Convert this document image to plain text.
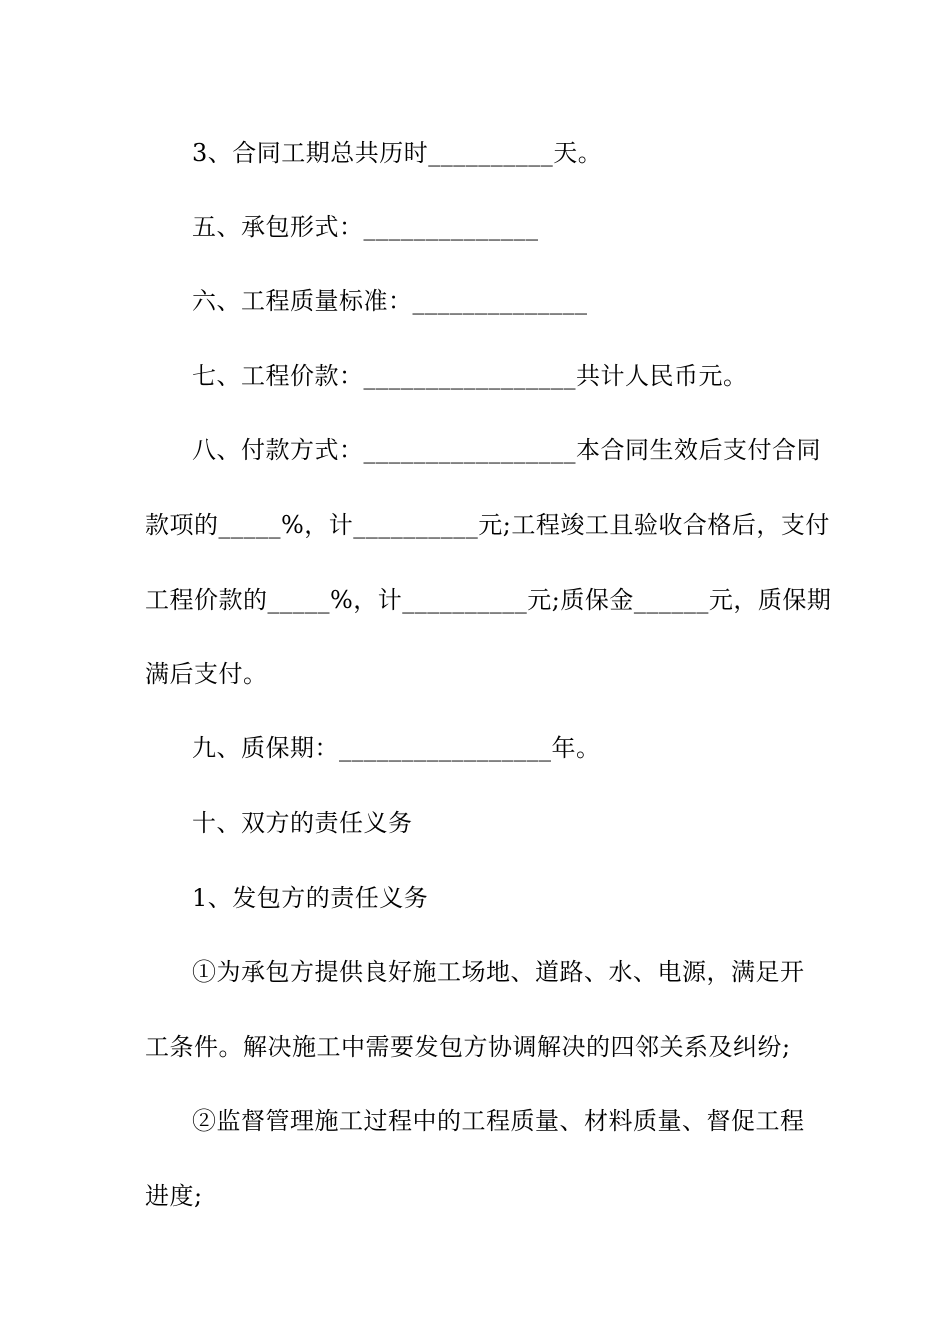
3、合同工期总共历时__________天。
五、承包形式：______________
六、工程质量标准：______________
七、工程价款：_________________共计人民币元。
八、付款方式：_________________本合同生效后支付合同
款项的_____%，计__________元;工程竣工且验收合格后，支付
工程价款的_____%，计__________元;质保金______元，质保期
满后支付。
九、质保期：_________________年。
十、双方的责任义务
1、发包方的责任义务
①为承包方提供良好施工场地、道路、水、电源，满足开
工条件。解决施工中需要发包方协调解决的四邻关系及纠纷;
②监督管理施工过程中的工程质量、材料质量、督促工程
进度;
